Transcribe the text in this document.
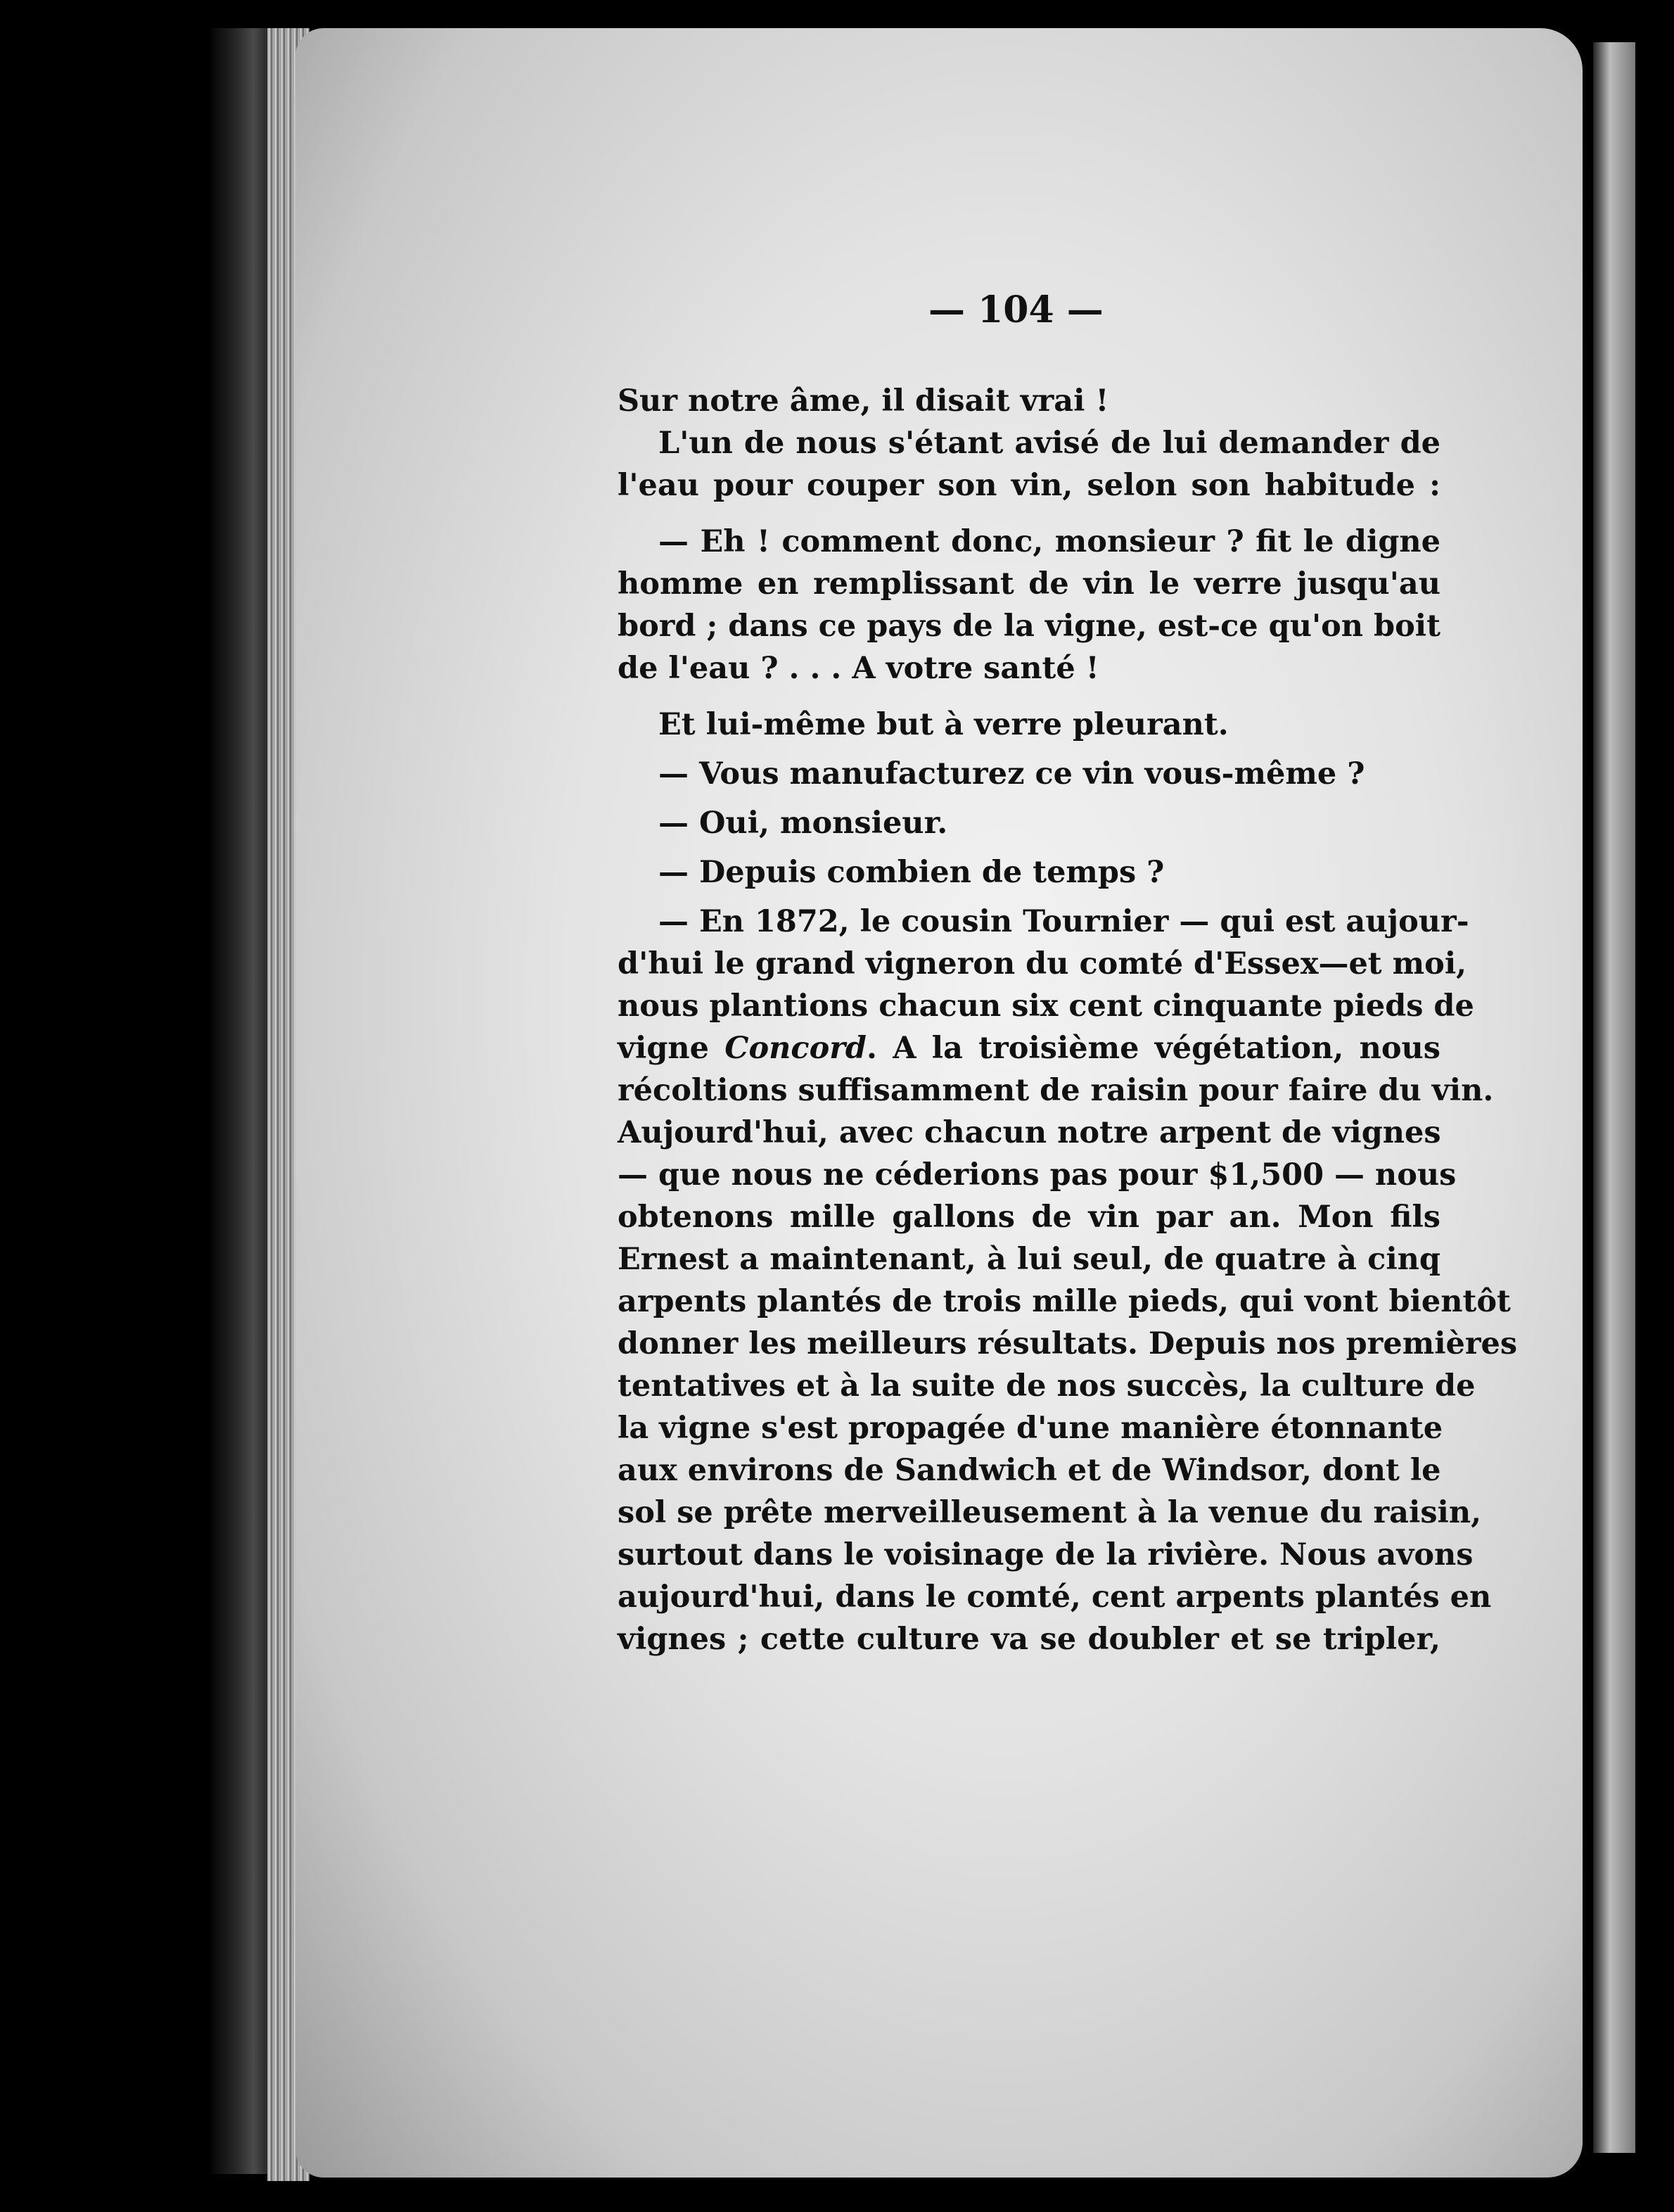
— 104 —
Sur notre âme, il disait vrai !
L'un de nous s'étant avisé de lui demander de
l'eau pour couper son vin, selon son habitude :
— Eh ! comment donc, monsieur ? fit le digne
homme en remplissant de vin le verre jusqu'au
bord ; dans ce pays de la vigne, est-ce qu'on boit
de l'eau ? . . . A votre santé !
Et lui-même but à verre pleurant.
— Vous manufacturez ce vin vous-même ?
— Oui, monsieur.
— Depuis combien de temps ?
— En 1872, le cousin Tournier — qui est aujour-
d'hui le grand vigneron du comté d'Essex—et moi,
nous plantions chacun six cent cinquante pieds de
vigne Concord. A la troisième végétation, nous
récoltions suffisamment de raisin pour faire du vin.
Aujourd'hui, avec chacun notre arpent de vignes
— que nous ne céderions pas pour $1,500 — nous
obtenons mille gallons de vin par an. Mon fils
Ernest a maintenant, à lui seul, de quatre à cinq
arpents plantés de trois mille pieds, qui vont bientôt
donner les meilleurs résultats. Depuis nos premières
tentatives et à la suite de nos succès, la culture de
la vigne s'est propagée d'une manière étonnante
aux environs de Sandwich et de Windsor, dont le
sol se prête merveilleusement à la venue du raisin,
surtout dans le voisinage de la rivière. Nous avons
aujourd'hui, dans le comté, cent arpents plantés en
vignes ; cette culture va se doubler et se tripler,
